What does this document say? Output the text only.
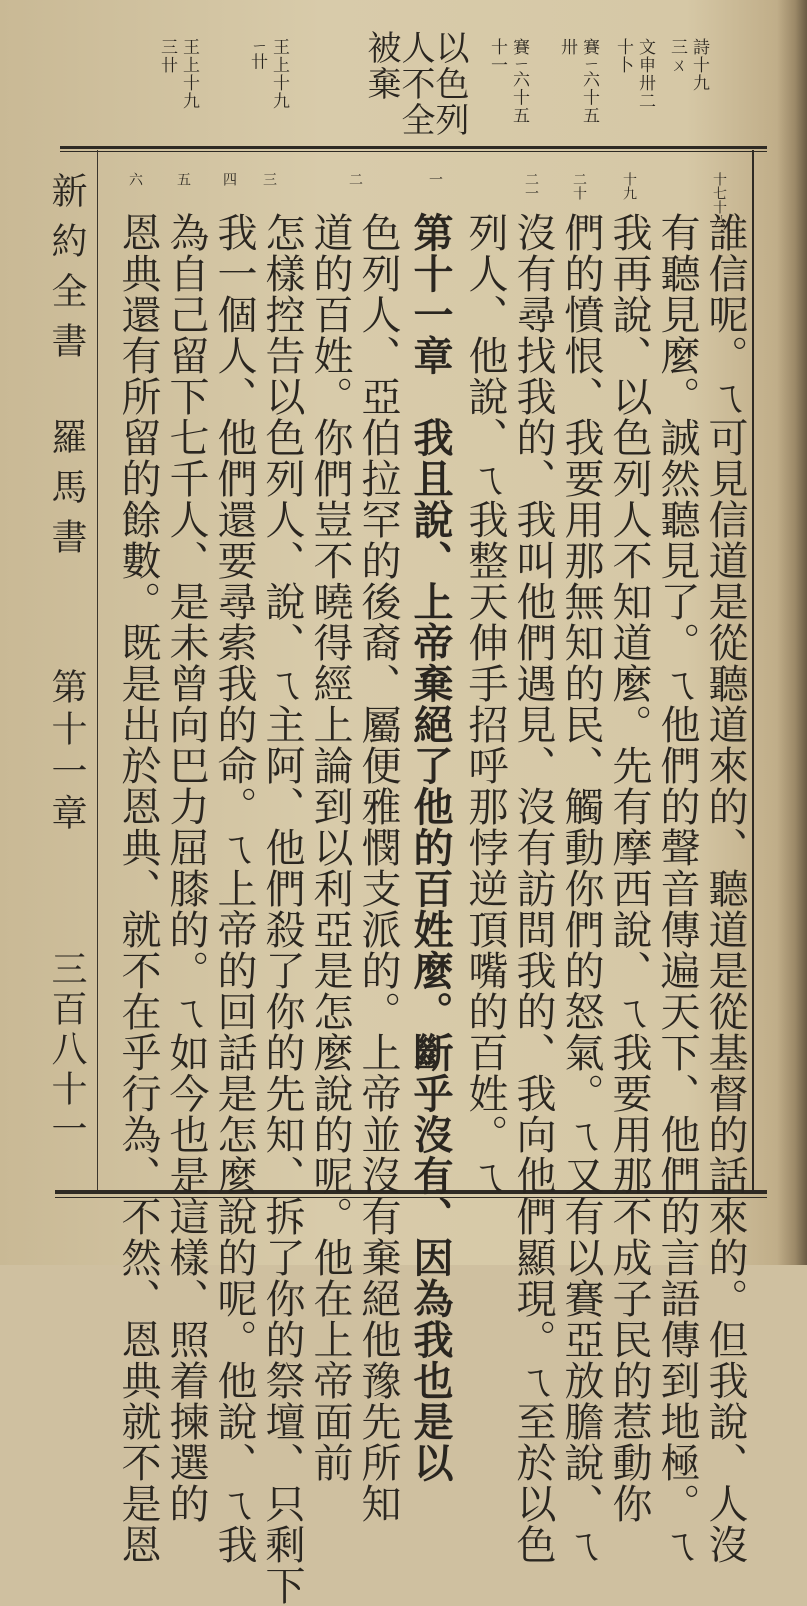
詩十九
三ㄨ
文申卅二
十卜
賽ㄧ六十五
卅
賽ㄧ六十五
十一
以色列
人不全
被棄
王上十九
ㄧ卄
王上十九
三卄
十七十八
十九
二十
二一
一
二
三
四
五
六
誰信呢。ㄟ可見信道是從聽道來的、聽道是從基督的話來的。但我說、人沒
有聽見麼。誠然聽見了。ㄟ他們的聲音傳遍天下、他們的言語傳到地極。ㄟ
我再說、以色列人不知道麼。先有摩西說、ㄟ我要用那不成子民的惹動你
們的憤恨、我要用那無知的民、觸動你們的怒氣。ㄟ又有以賽亞放膽說、ㄟ
沒有尋找我的、我叫他們遇見、沒有訪問我的、我向他們顯現。ㄟ至於以色
列人、他說、ㄟ我整天伸手招呼那悖逆頂嘴的百姓。ㄟ
第十一章　我且說、上帝棄絕了他的百姓麼。斷乎沒有、因為我也是以
色列人、亞伯拉罕的後裔、屬便雅憫支派的。上帝並沒有棄絕他豫先所知
道的百姓。你們豈不曉得經上論到以利亞是怎麼說的呢。他在上帝面前
怎樣控告以色列人、說、ㄟ主阿、他們殺了你的先知、拆了你的祭壇、只剩下
我一個人、他們還要尋索我的命。ㄟ上帝的回話是怎麼說的呢。他說、ㄟ我
為自己留下七千人、是未曾向巴力屈膝的。ㄟ如今也是這樣、照着揀選的
恩典還有所留的餘數。既是出於恩典、就不在乎行為、不然、恩典就不是恩
新約全書
羅馬書
第十一章
三百八十一
